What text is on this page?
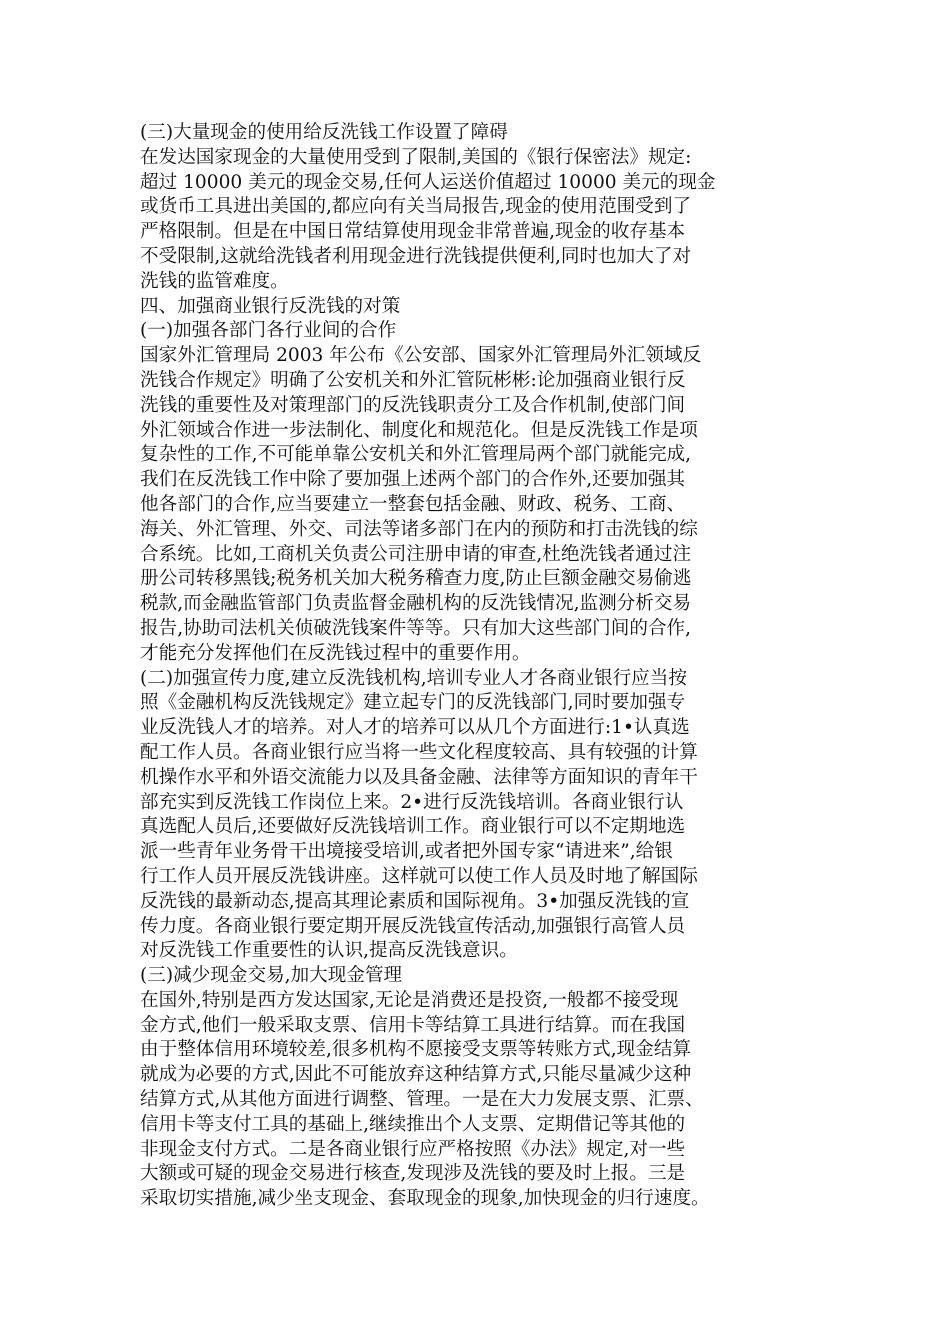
(三)大量现金的使用给反洗钱工作设置了障碍
在发达国家现金的大量使用受到了限制,美国的《银行保密法》规定:
超过 10000 美元的现金交易,任何人运送价值超过 10000 美元的现金
或货币工具进出美国的,都应向有关当局报告,现金的使用范围受到了
严格限制。但是在中国日常结算使用现金非常普遍,现金的收存基本
不受限制,这就给洗钱者利用现金进行洗钱提供便利,同时也加大了对
洗钱的监管难度。
四、加强商业银行反洗钱的对策
(一)加强各部门各行业间的合作
国家外汇管理局 2003 年公布《公安部、国家外汇管理局外汇领域反
洗钱合作规定》明确了公安机关和外汇管阮彬彬:论加强商业银行反
洗钱的重要性及对策理部门的反洗钱职责分工及合作机制,使部门间
外汇领域合作进一步法制化、制度化和规范化。但是反洗钱工作是项
复杂性的工作,不可能单靠公安机关和外汇管理局两个部门就能完成,
我们在反洗钱工作中除了要加强上述两个部门的合作外,还要加强其
他各部门的合作,应当要建立一整套包括金融、财政、税务、工商、
海关、外汇管理、外交、司法等诸多部门在内的预防和打击洗钱的综
合系统。比如,工商机关负责公司注册申请的审查,杜绝洗钱者通过注
册公司转移黑钱;税务机关加大税务稽查力度,防止巨额金融交易偷逃
税款,而金融监管部门负责监督金融机构的反洗钱情况,监测分析交易
报告,协助司法机关侦破洗钱案件等等。只有加大这些部门间的合作,
才能充分发挥他们在反洗钱过程中的重要作用。
(二)加强宣传力度,建立反洗钱机构,培训专业人才各商业银行应当按
照《金融机构反洗钱规定》建立起专门的反洗钱部门,同时要加强专
业反洗钱人才的培养。对人才的培养可以从几个方面进行:1•认真选
配工作人员。各商业银行应当将一些文化程度较高、具有较强的计算
机操作水平和外语交流能力以及具备金融、法律等方面知识的青年干
部充实到反洗钱工作岗位上来。2•进行反洗钱培训。各商业银行认
真选配人员后,还要做好反洗钱培训工作。商业银行可以不定期地选
派一些青年业务骨干出境接受培训,或者把外国专家“请进来”,给银
行工作人员开展反洗钱讲座。这样就可以使工作人员及时地了解国际
反洗钱的最新动态,提高其理论素质和国际视角。3•加强反洗钱的宣
传力度。各商业银行要定期开展反洗钱宣传活动,加强银行高管人员
对反洗钱工作重要性的认识,提高反洗钱意识。
(三)减少现金交易,加大现金管理
在国外,特别是西方发达国家,无论是消费还是投资,一般都不接受现
金方式,他们一般采取支票、信用卡等结算工具进行结算。而在我国
由于整体信用环境较差,很多机构不愿接受支票等转账方式,现金结算
就成为必要的方式,因此不可能放弃这种结算方式,只能尽量减少这种
结算方式,从其他方面进行调整、管理。一是在大力发展支票、汇票、
信用卡等支付工具的基础上,继续推出个人支票、定期借记等其他的
非现金支付方式。二是各商业银行应严格按照《办法》规定,对一些
大额或可疑的现金交易进行核查,发现涉及洗钱的要及时上报。三是
采取切实措施,减少坐支现金、套取现金的现象,加快现金的归行速度。
